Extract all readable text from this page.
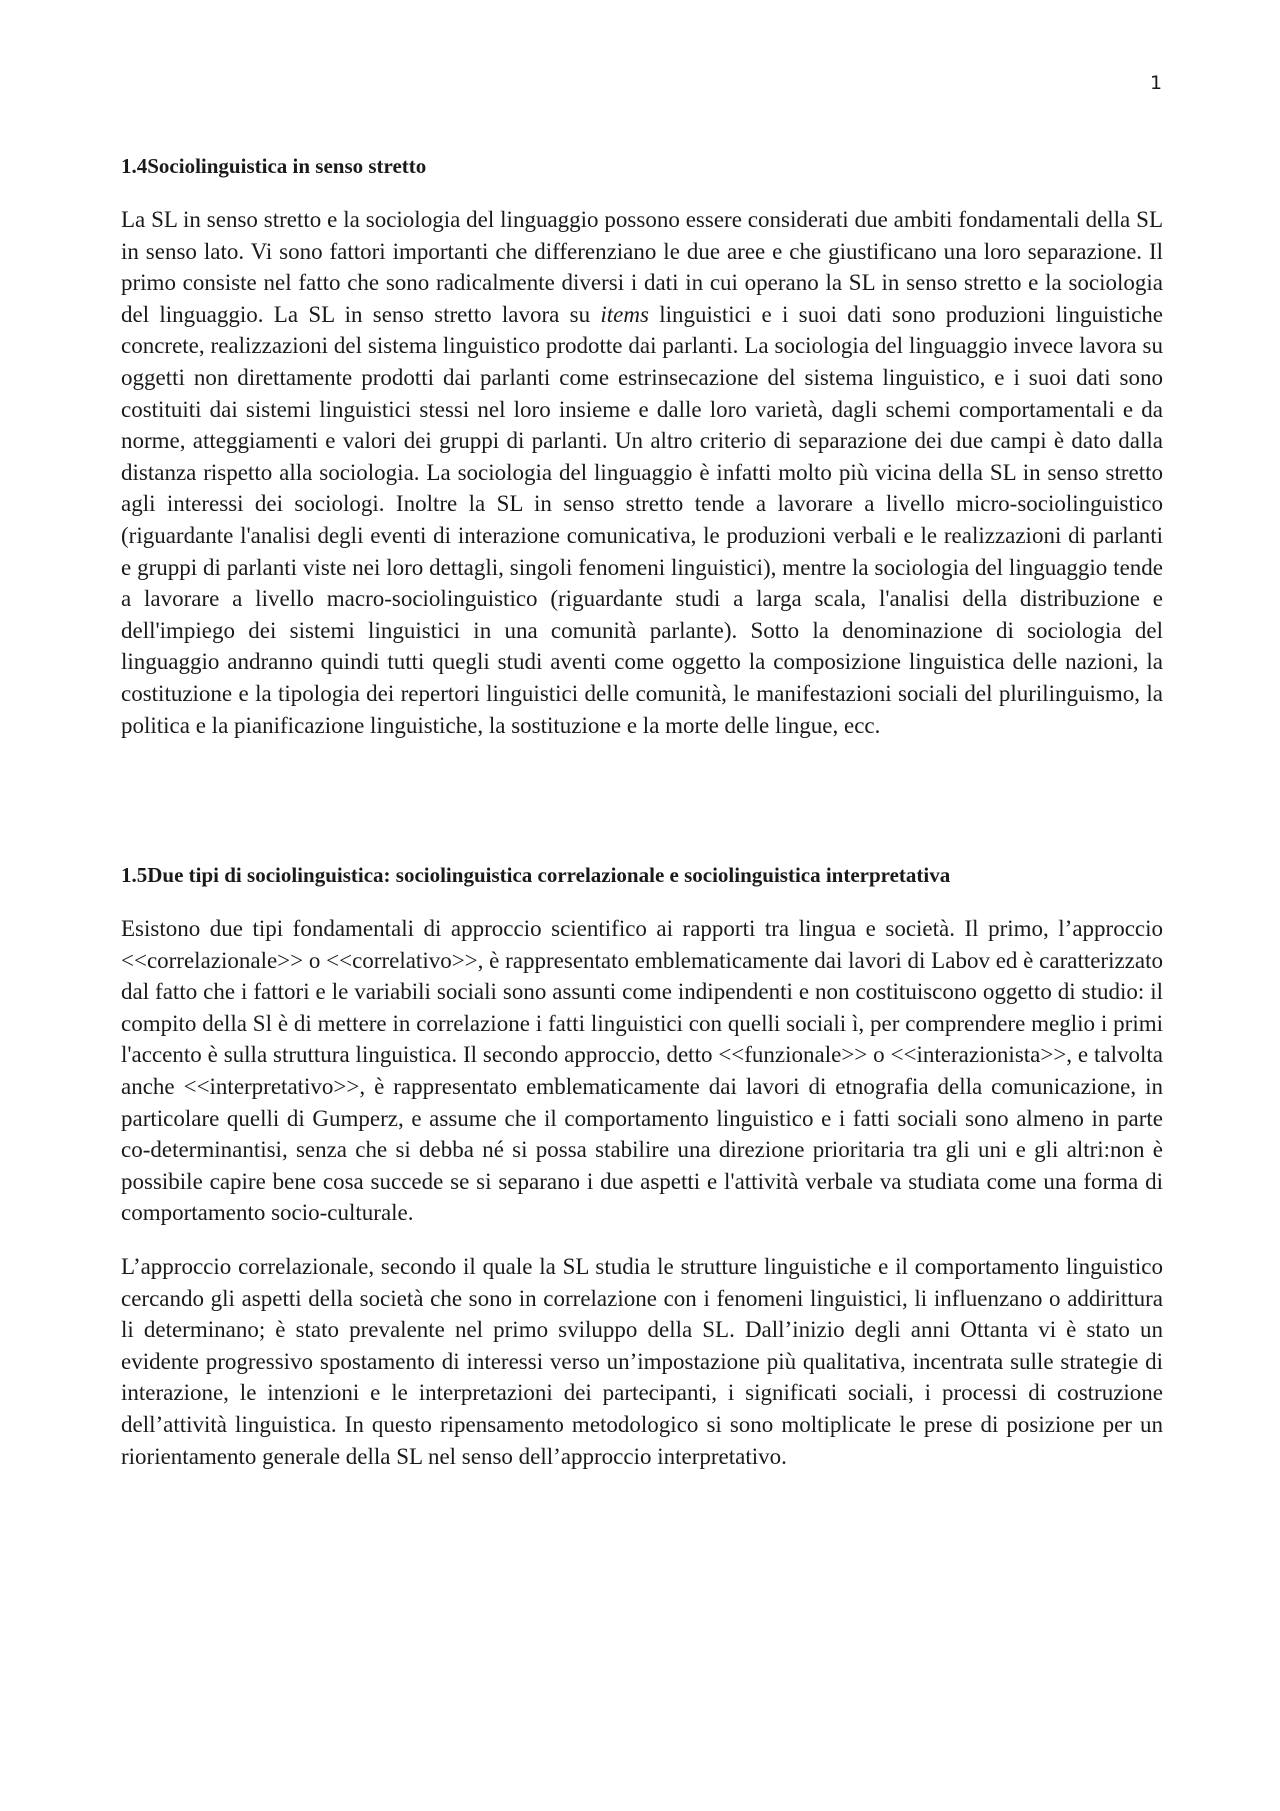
1
1.4Sociolinguistica in senso stretto

La SL in senso stretto e la sociologia del linguaggio possono essere considerati due ambiti fondamentali della SL in senso lato. Vi sono fattori importanti che differenziano le due aree e che giustificano una loro separazione. Il primo consiste nel fatto che sono radicalmente diversi i dati in cui operano la SL in senso stretto e la sociologia del linguaggio. La SL in senso stretto lavora su items linguistici e i suoi dati sono produzioni linguistiche concrete, realizzazioni del sistema linguistico prodotte dai parlanti. La sociologia del linguaggio invece lavora su oggetti non direttamente prodotti dai parlanti come estrinsecazione del sistema linguistico, e i suoi dati sono costituiti dai sistemi linguistici stessi nel loro insieme e dalle loro varietà, dagli schemi comportamentali e da norme, atteggiamenti e valori dei gruppi di parlanti. Un altro criterio di separazione dei due campi è dato dalla distanza rispetto alla sociologia. La sociologia del linguaggio è infatti molto più vicina della SL in senso stretto agli interessi dei sociologi. Inoltre la SL in senso stretto tende a lavorare a livello micro-sociolinguistico (riguardante l'analisi degli eventi di interazione comunicativa, le produzioni verbali e le realizzazioni di parlanti e gruppi di parlanti viste nei loro dettagli, singoli fenomeni linguistici), mentre la sociologia del linguaggio tende a lavorare a livello macro-sociolinguistico (riguardante studi a larga scala, l'analisi della distribuzione e dell'impiego dei sistemi linguistici in una comunità parlante). Sotto la denominazione di sociologia del linguaggio andranno quindi tutti quegli studi aventi come oggetto la composizione linguistica delle nazioni, la costituzione e la tipologia dei repertori linguistici delle comunità, le manifestazioni sociali del plurilinguismo, la politica e la pianificazione linguistiche, la sostituzione e la morte delle lingue, ecc.

1.5Due tipi di sociolinguistica: sociolinguistica correlazionale e sociolinguistica interpretativa

Esistono due tipi fondamentali di approccio scientifico ai rapporti tra lingua e società. Il primo, l’approccio <<correlazionale>> o <<correlativo>>, è rappresentato emblematicamente dai lavori di Labov ed è caratterizzato dal fatto che i fattori e le variabili sociali sono assunti come indipendenti e non costituiscono oggetto di studio: il compito della Sl è di mettere in correlazione i fatti linguistici con quelli sociali ì, per comprendere meglio i primi l'accento è sulla struttura linguistica. Il secondo approccio, detto <<funzionale>> o <<interazionista>>, e talvolta anche <<interpretativo>>, è rappresentato emblematicamente dai lavori di etnografia della comunicazione, in particolare quelli di Gumperz, e assume che il comportamento linguistico e i fatti sociali sono almeno in parte co-determinantisi, senza che si debba né si possa stabilire una direzione prioritaria tra gli uni e gli altri:non è possibile capire bene cosa succede se si separano i due aspetti e l'attività verbale va studiata come una forma di comportamento socio-culturale.

L’approccio correlazionale, secondo il quale la SL studia le strutture linguistiche e il comportamento linguistico cercando gli aspetti della società che sono in correlazione con i fenomeni linguistici, li influenzano o addirittura li determinano; è stato prevalente nel primo sviluppo della SL. Dall’inizio degli anni Ottanta vi è stato un evidente progressivo spostamento di interessi verso un’impostazione più qualitativa, incentrata sulle strategie di interazione, le intenzioni e le interpretazioni dei partecipanti, i significati sociali, i processi di costruzione dell’attività linguistica. In questo ripensamento metodologico si sono moltiplicate le prese di posizione per un riorientamento generale della SL nel senso dell’approccio interpretativo.
